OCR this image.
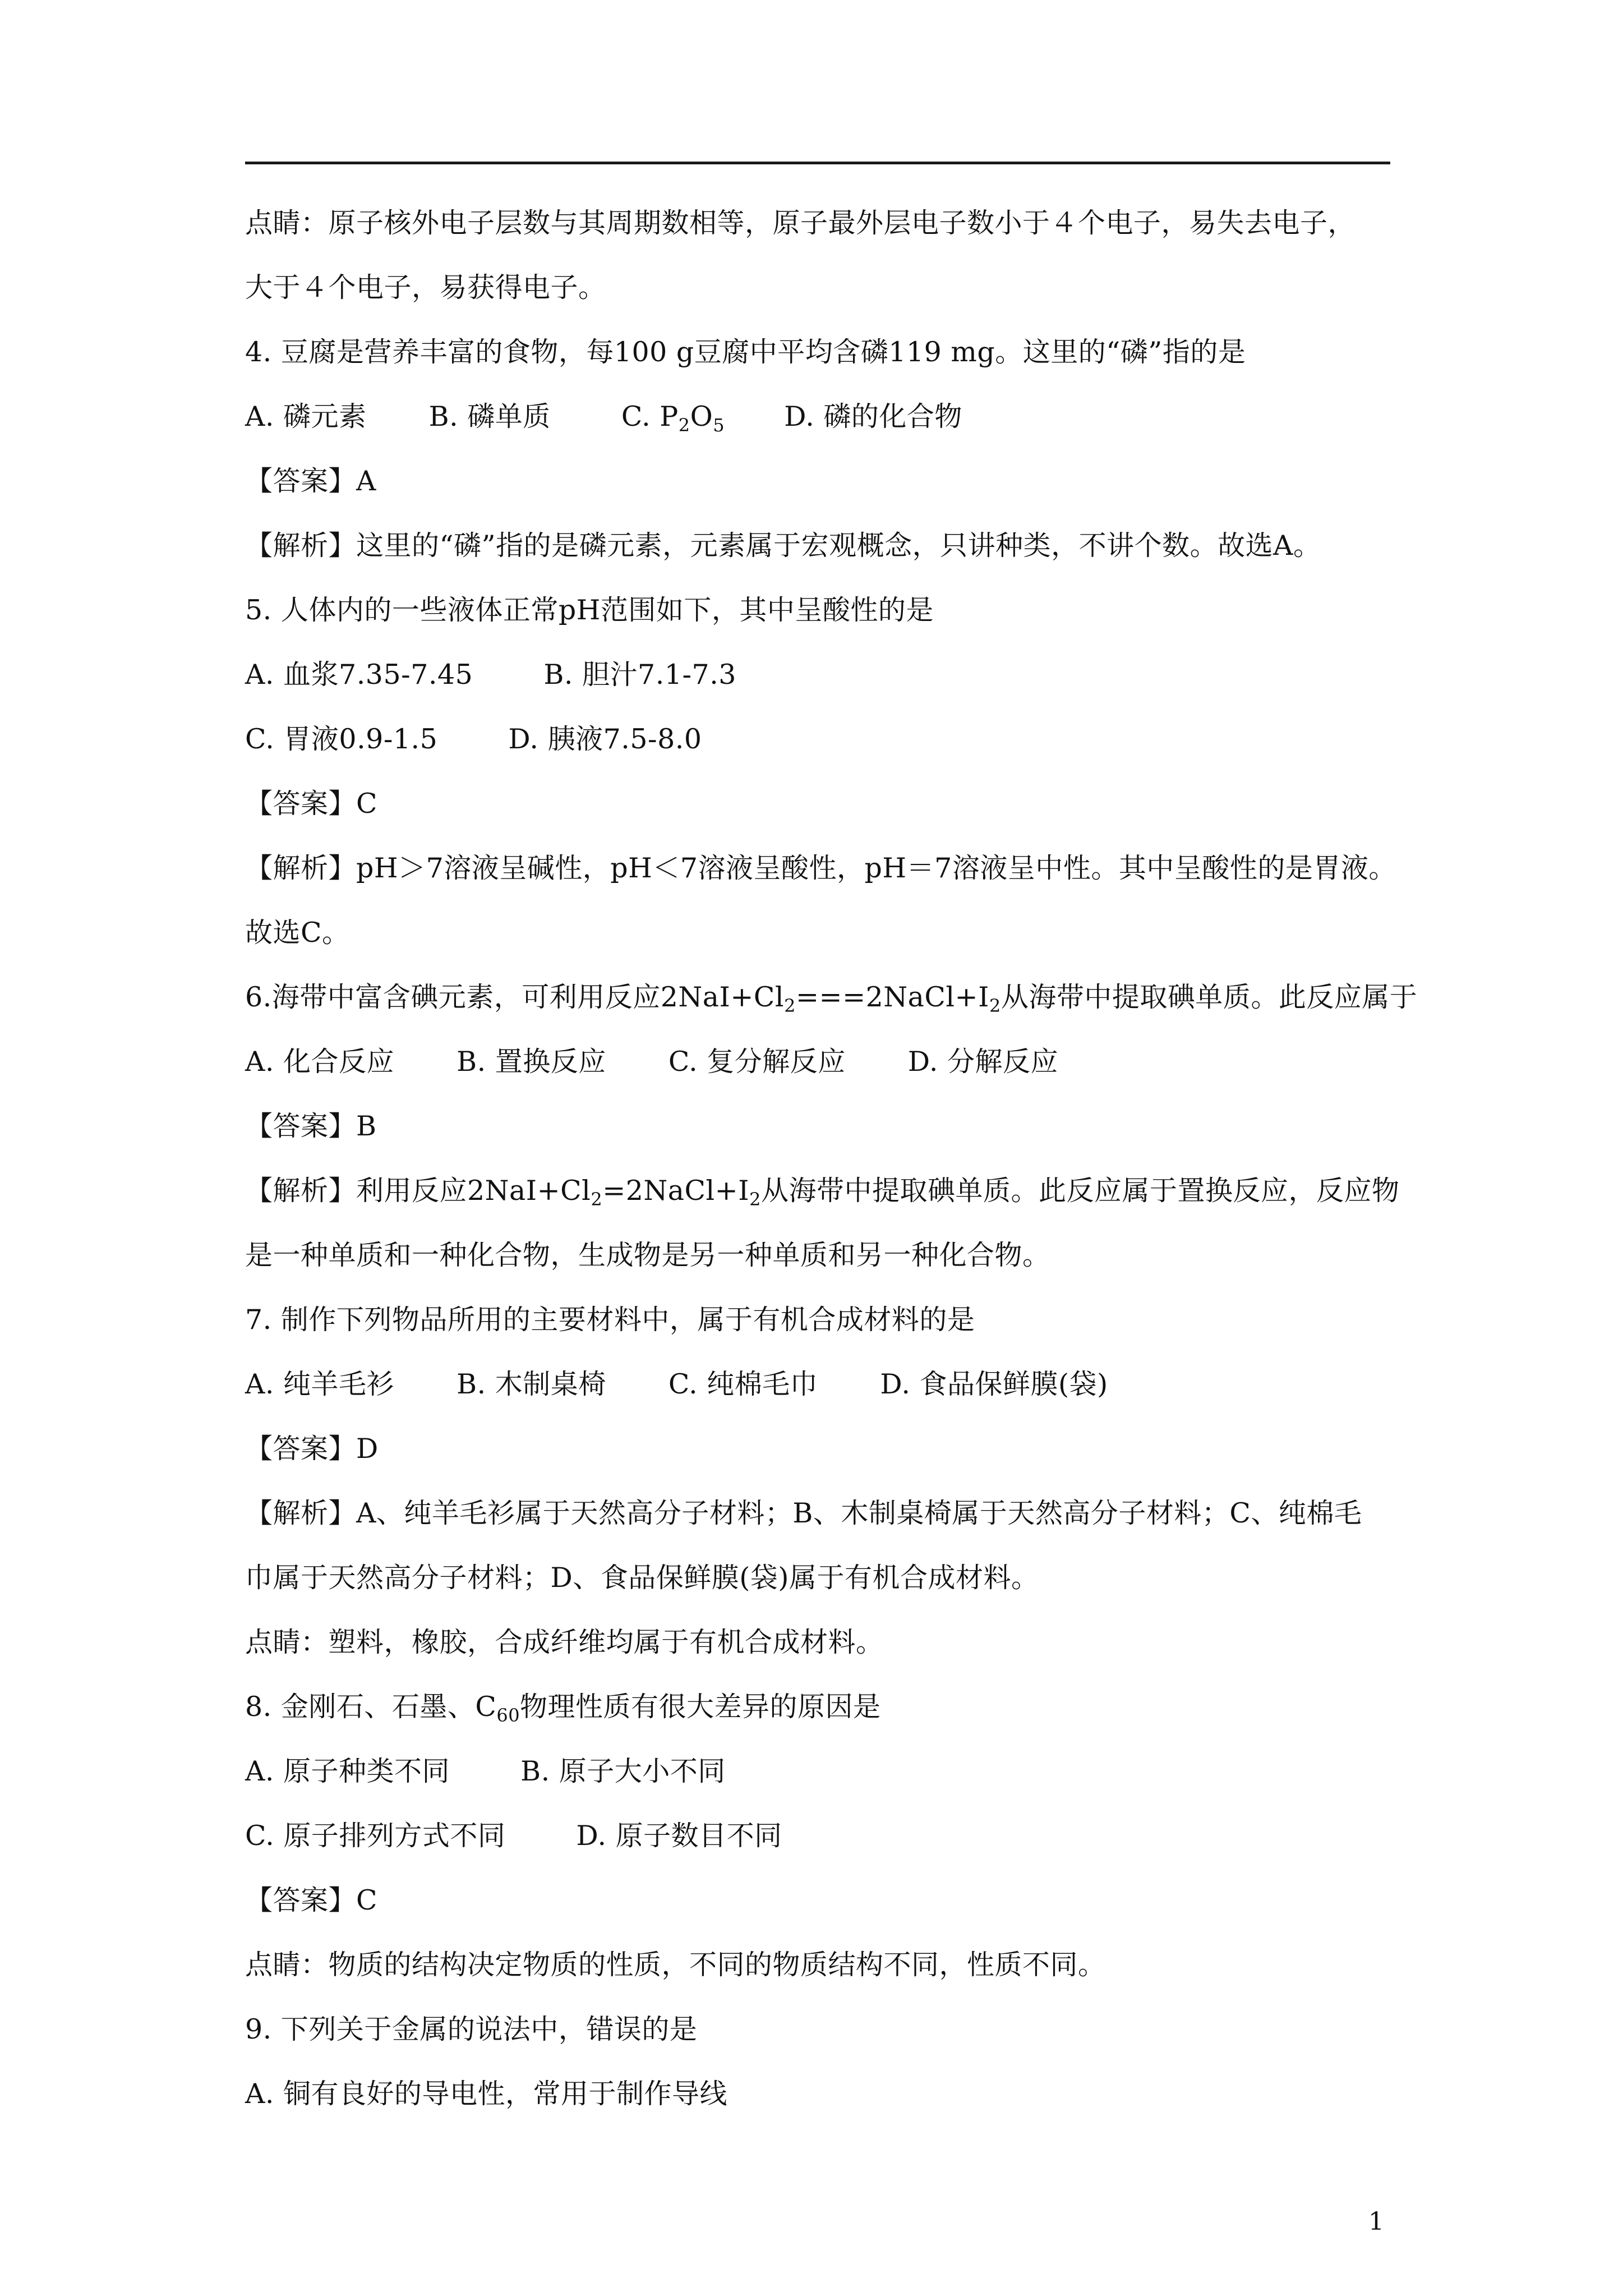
点睛：原子核外电子层数与其周期数相等，原子最外层电子数小于４个电子，易失去电子，
大于４个电子，易获得电子。
4. 豆腐是营养丰富的食物，每100 g豆腐中平均含磷119 mg。这里的“磷”指的是
A. 磷元素 B. 磷单质	C. $P_2O_5$ D. 磷的化合物
【答案】A
【解析】这里的“磷”指的是磷元素，元素属于宏观概念，只讲种类，不讲个数。故选A。
5. 人体内的一些液体正常pH范围如下，其中呈酸性的是
A. 血浆7.35-7.45	B. 胆汁7.1-7.3
C. 胃液0.9-1.5	D. 胰液7.5-8.0
【答案】C
【解析】pH＞7溶液呈碱性，pH＜7溶液呈酸性，pH＝7溶液呈中性。其中呈酸性的是胃液。
故选C。
6.海带中富含碘元素，可利用反应$2NaI+Cl_2===2NaCl+I_2$从海带中提取碘单质。此反应属于
A. 化合反应 B. 置换反应 C. 复分解反应 D. 分解反应
【答案】B
【解析】利用反应$2NaI+Cl_2=2NaCl+I_2$从海带中提取碘单质。此反应属于置换反应，反应物
是一种单质和一种化合物，生成物是另一种单质和另一种化合物。
7. 制作下列物品所用的主要材料中，属于有机合成材料的是
A. 纯羊毛衫 B. 木制桌椅 C. 纯棉毛巾 D. 食品保鲜膜(袋)
【答案】D
【解析】A、纯羊毛衫属于天然高分子材料；B、木制桌椅属于天然高分子材料；C、纯棉毛
巾属于天然高分子材料；D、食品保鲜膜(袋)属于有机合成材料。
点睛：塑料，橡胶，合成纤维均属于有机合成材料。
8. 金刚石、石墨、$C_{60}$物理性质有很大差异的原因是
A. 原子种类不同	B. 原子大小不同
C. 原子排列方式不同	D. 原子数目不同
【答案】C
点睛：物质的结构决定物质的性质，不同的物质结构不同，性质不同。
9. 下列关于金属的说法中，错误的是
A. 铜有良好的导电性，常用于制作导线
1
